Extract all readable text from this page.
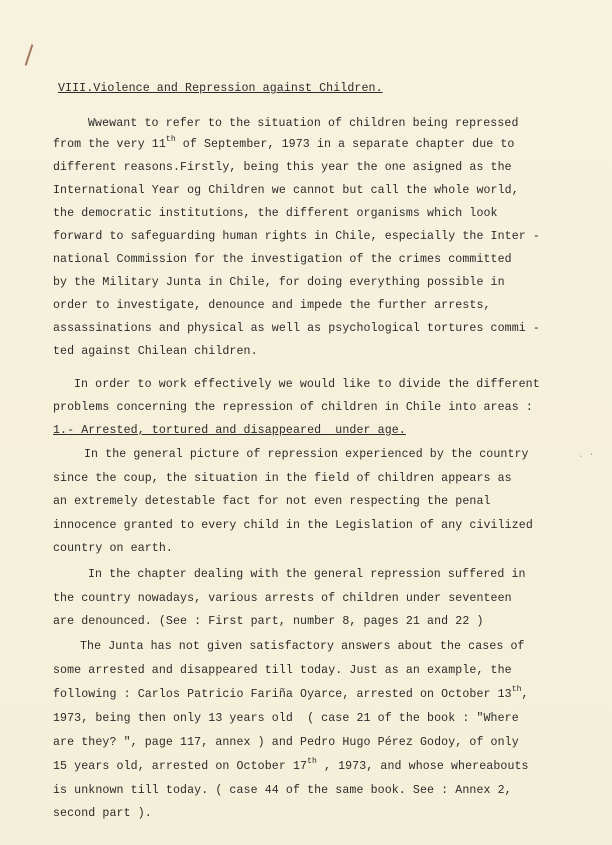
VIII.Violence and Repression against Children.
Wwewant to refer to the situation of children being repressed
from the very 11th of September, 1973 in a separate chapter due to
different reasons.Firstly, being this year the one asigned as the
International Year og Children we cannot but call the whole world,
the democratic institutions, the different organisms which look
forward to safeguarding human rights in Chile, especially the Inter -
national Commission for the investigation of the crimes committed
by the Military Junta in Chile, for doing everything possible in
order to investigate, denounce and impede the further arrests,
assassinations and physical as well as psychological tortures commi -
ted against Chilean children.
In order to work effectively we would like to divide the different
problems concerning the repression of children in Chile into areas :
1.- Arrested, tortured and disappeared  under age.
In the general picture of repression experienced by the country
since the coup, the situation in the field of children appears as
an extremely detestable fact for not even respecting the penal
innocence granted to every child in the Legislation of any civilized
country on earth.
In the chapter dealing with the general repression suffered in
the country nowadays, various arrests of children under seventeen
are denounced. (See : First part, number 8, pages 21 and 22 )
The Junta has not given satisfactory answers about the cases of
some arrested and disappeared till today. Just as an example, the
following : Carlos Patricio Fariña Oyarce, arrested on October 13th,
1973, being then only 13 years old  ( case 21 of the book : "Where
are they? ", page 117, annex ) and Pedro Hugo Pérez Godoy, of only
15 years old, arrested on October 17th , 1973, and whose whereabouts
is unknown till today. ( case 44 of the same book. See : Annex 2,
second part ).
. ·
